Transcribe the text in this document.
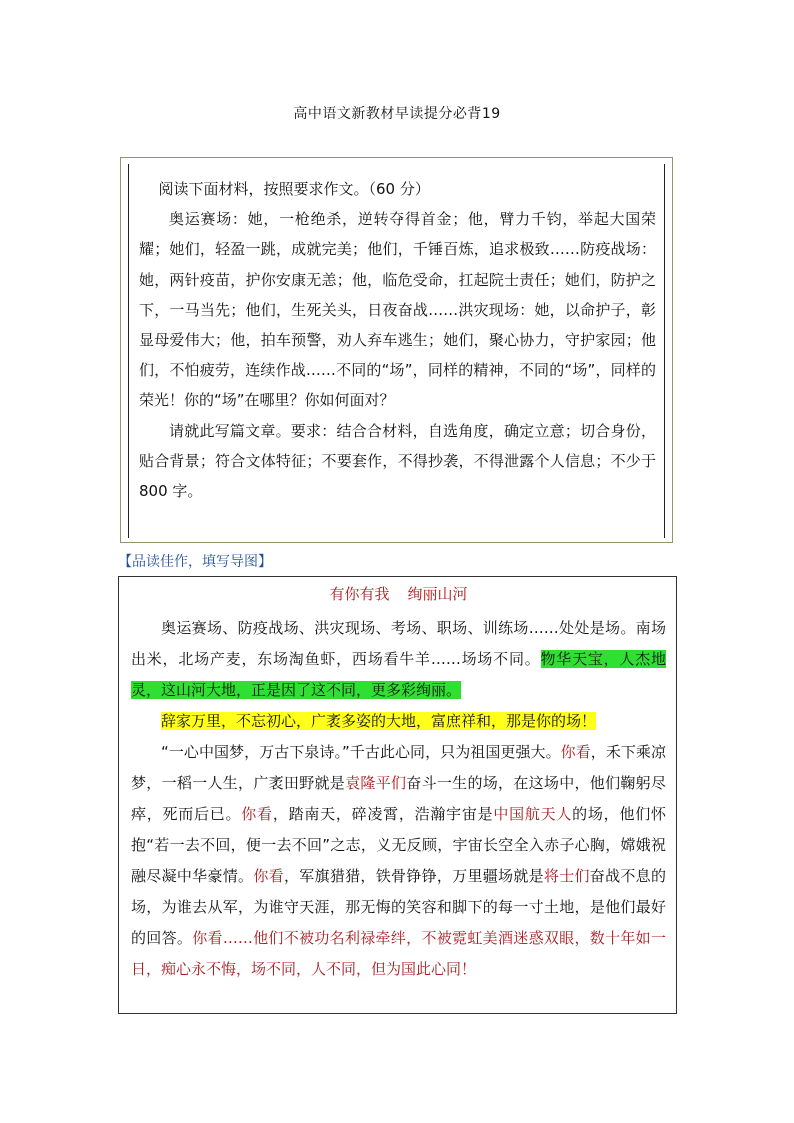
高中语文新教材早读提分必背19

阅读下面材料，按照要求作文。（60 分）

奥运赛场：她，一枪绝杀，逆转夺得首金；他，臂力千钧，举起大国荣耀；她们，轻盈一跳，成就完美；他们，千锤百炼，追求极致……防疫战场：她，两针疫苗，护你安康无恙；他，临危受命，扛起院士责任；她们，防护之下，一马当先；他们，生死关头，日夜奋战……洪灾现场：她，以命护子，彰显母爱伟大；他，拍车预警，劝人弃车逃生；她们，聚心协力，守护家园；他们，不怕疲劳，连续作战……不同的“场”，同样的精神，不同的“场”，同样的荣光！你的“场”在哪里？你如何面对？

请就此写篇文章。要求：结合合材料，自选角度，确定立意；切合身份，贴合背景；符合文体特征；不要套作，不得抄袭，不得泄露个人信息；不少于 800 字。

【品读佳作，填写导图】
有你有我 绚丽山河

奥运赛场、防疫战场、洪灾现场、考场、职场、训练场……处处是场。南场出米，北场产麦，东场淘鱼虾，西场看牛羊……场场不同。物华天宝，人杰地灵，这山河大地，正是因了这不同，更多彩绚丽。

辞家万里，不忘初心，广袤多姿的大地，富庶祥和，那是你的场！

“一心中国梦，万古下泉诗。”千古此心同，只为祖国更强大。你看，禾下乘凉梦，一稻一人生，广袤田野就是袁隆平们奋斗一生的场，在这场中，他们鞠躬尽瘁，死而后已。你看，踏南天，碎凌霄，浩瀚宇宙是中国航天人的场，他们怀抱“若一去不回，便一去不回”之志，义无反顾，宇宙长空全入赤子心胸，嫦娥祝融尽凝中华豪情。你看，军旗猎猎，铁骨铮铮，万里疆场就是将士们奋战不息的场，为谁去从军，为谁守天涯，那无悔的笑容和脚下的每一寸土地，是他们最好的回答。你看……他们不被功名利禄牵绊，不被霓虹美酒迷惑双眼，数十年如一日，痴心永不悔，场不同，人不同，但为国此心同！
